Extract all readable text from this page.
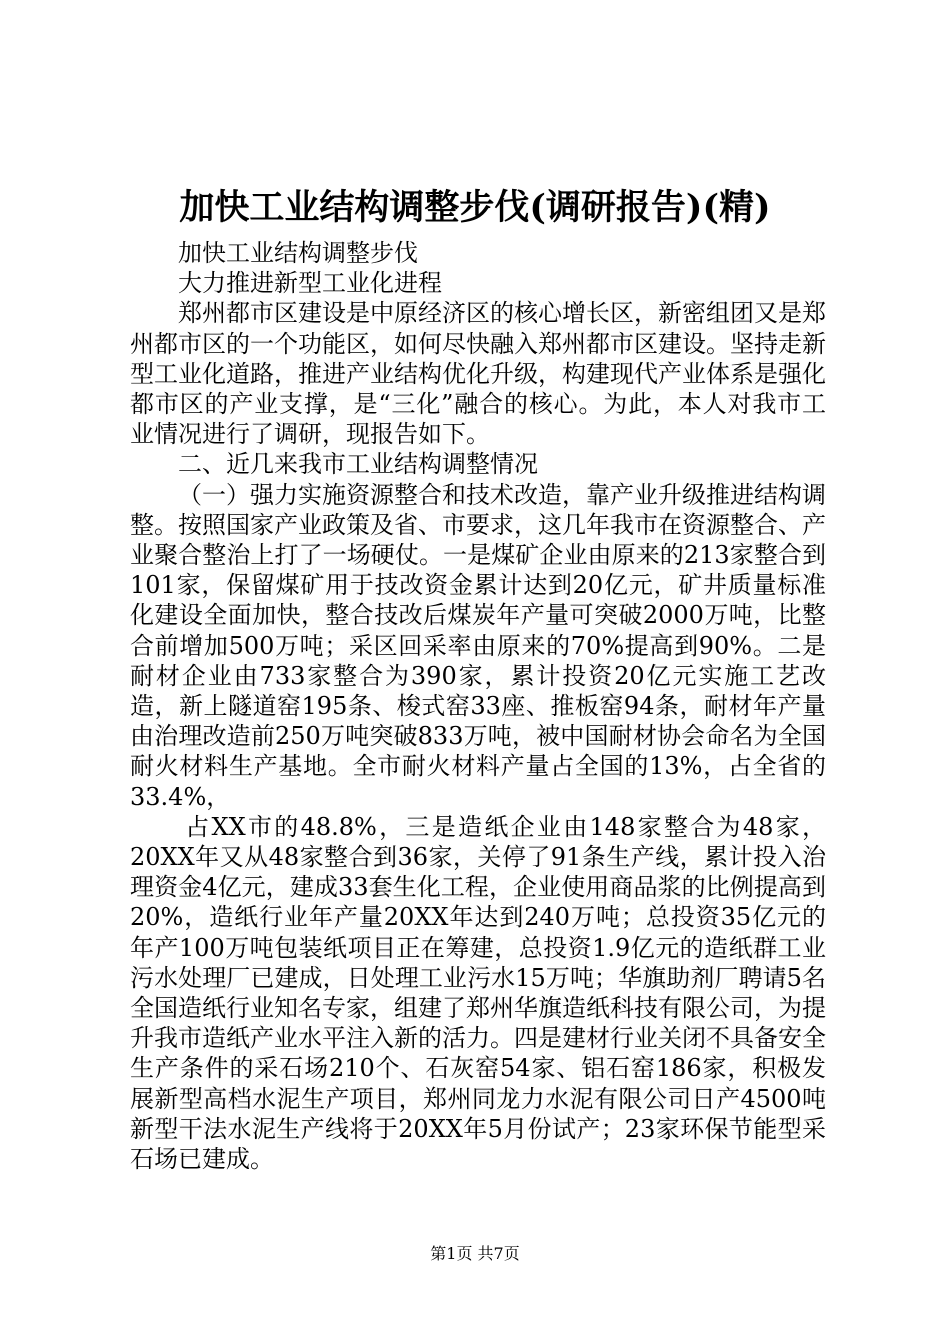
加快工业结构调整步伐(调研报告)(精)

加快工业结构调整步伐

大力推进新型工业化进程

郑州都市区建设是中原经济区的核心增长区，新密组团又是郑州都市区的一个功能区，如何尽快融入郑州都市区建设。坚持走新型工业化道路，推进产业结构优化升级，构建现代产业体系是强化都市区的产业支撑，是“三化”融合的核心。为此，本人对我市工业情况进行了调研，现报告如下。

二、近几来我市工业结构调整情况

（一）强力实施资源整合和技术改造，靠产业升级推进结构调整。按照国家产业政策及省、市要求，这几年我市在资源整合、产业聚合整治上打了一场硬仗。一是煤矿企业由原来的213家整合到101家，保留煤矿用于技改资金累计达到20亿元，矿井质量标准化建设全面加快，整合技改后煤炭年产量可突破2000万吨，比整合前增加500万吨；采区回采率由原来的70%提高到90%。二是耐材企业由733家整合为390家，累计投资20亿元实施工艺改造，新上隧道窑195条、梭式窑33座、推板窑94条，耐材年产量由治理改造前250万吨突破833万吨，被中国耐材协会命名为全国耐火材料生产基地。全市耐火材料产量占全国的13%，占全省的33.4%，

占XX市的48.8%，三是造纸企业由148家整合为48家，20XX年又从48家整合到36家，关停了91条生产线，累计投入治理资金4亿元，建成33套生化工程，企业使用商品浆的比例提高到20%，造纸行业年产量20XX年达到240万吨；总投资35亿元的年产100万吨包装纸项目正在筹建，总投资1.9亿元的造纸群工业污水处理厂已建成，日处理工业污水15万吨；华旗助剂厂聘请5名全国造纸行业知名专家，组建了郑州华旗造纸科技有限公司，为提升我市造纸产业水平注入新的活力。四是建材行业关闭不具备安全生产条件的采石场210个、石灰窑54家、铝石窑186家，积极发展新型高档水泥生产项目，郑州同龙力水泥有限公司日产4500吨新型干法水泥生产线将于20XX年5月份试产；23家环保节能型采石场已建成。

第1页 共7页
